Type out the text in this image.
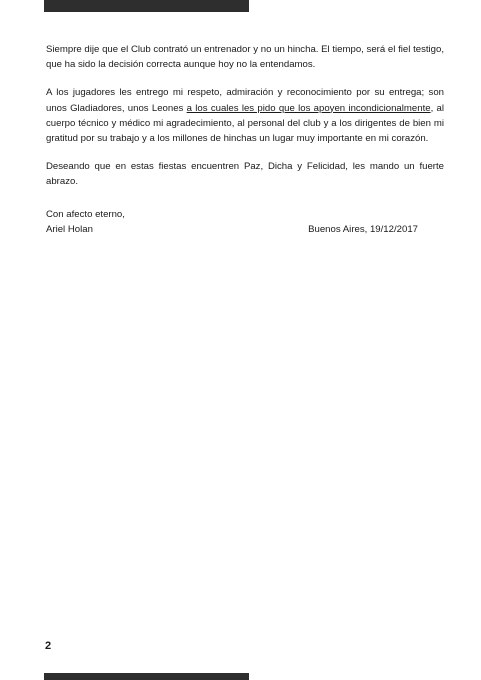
Siempre dije que el Club contrató un entrenador y no un hincha. El tiempo, será el fiel testigo, que ha sido la decisión correcta aunque hoy no la entendamos.

A los jugadores les entrego mi respeto, admiración y reconocimiento por su entrega; son unos Gladiadores, unos Leones a los cuales les pido que los apoyen incondicionalmente, al cuerpo técnico y médico mi agradecimiento, al personal del club y a los dirigentes de bien mi gratitud por su trabajo y a los millones de hinchas un lugar muy importante en mi corazón.

Deseando que en estas fiestas encuentren Paz, Dicha y Felicidad, les mando un fuerte abrazo.

Con afecto eterno,
Ariel Holan	Buenos Aires, 19/12/2017
2
